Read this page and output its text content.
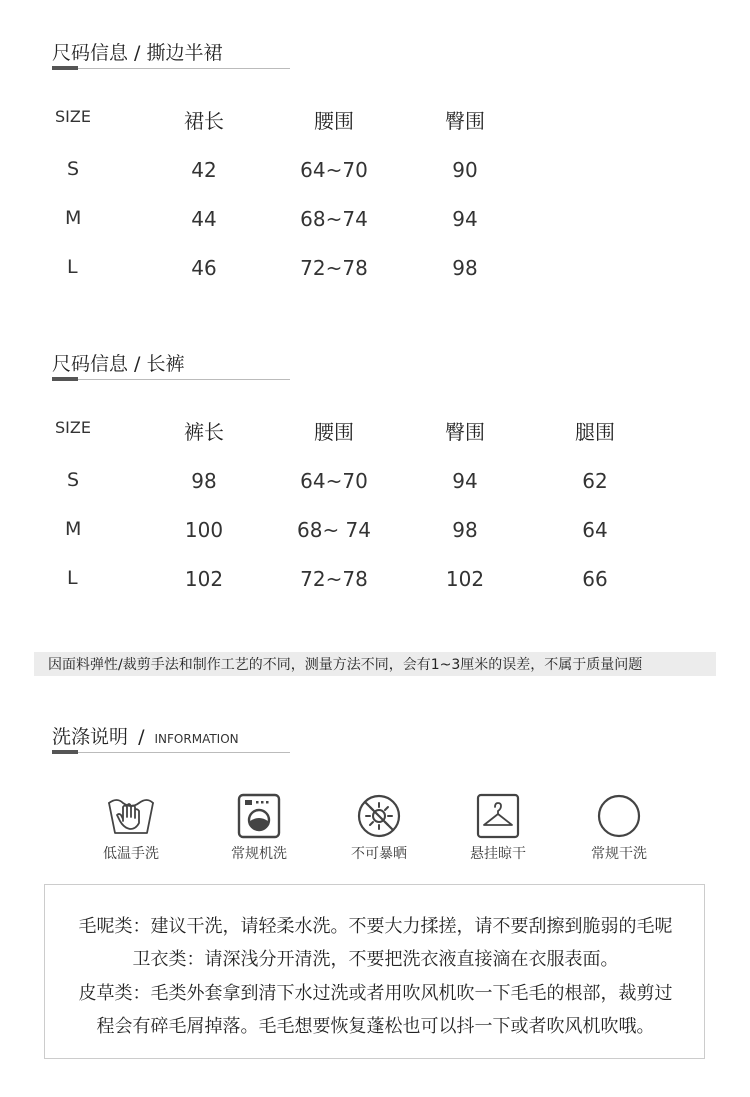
尺码信息 / 撕边半裙
SIZE	裙长	腰围	臀围
S	42	64~70	90
M	44	68~74	94
L	46	72~78	98
尺码信息 / 长裤
SIZE	裤长	腰围	臀围	腿围
S	98	64~70	94	62
M	100	68~ 74	98	64
L	102	72~78	102	66
因面料弹性/裁剪手法和制作工艺的不同，测量方法不同，会有1~3厘米的误差，不属于质量问题
洗涤说明 / INFORMATION
低温手洗	常规机洗	不可暴晒	悬挂晾干	常规干洗
毛呢类：建议干洗，请轻柔水洗。不要大力揉搓，请不要刮擦到脆弱的毛呢
卫衣类：请深浅分开清洗，不要把洗衣液直接滴在衣服表面。
皮草类：毛类外套拿到清下水过洗或者用吹风机吹一下毛毛的根部，裁剪过
程会有碎毛屑掉落。毛毛想要恢复蓬松也可以抖一下或者吹风机吹哦。
